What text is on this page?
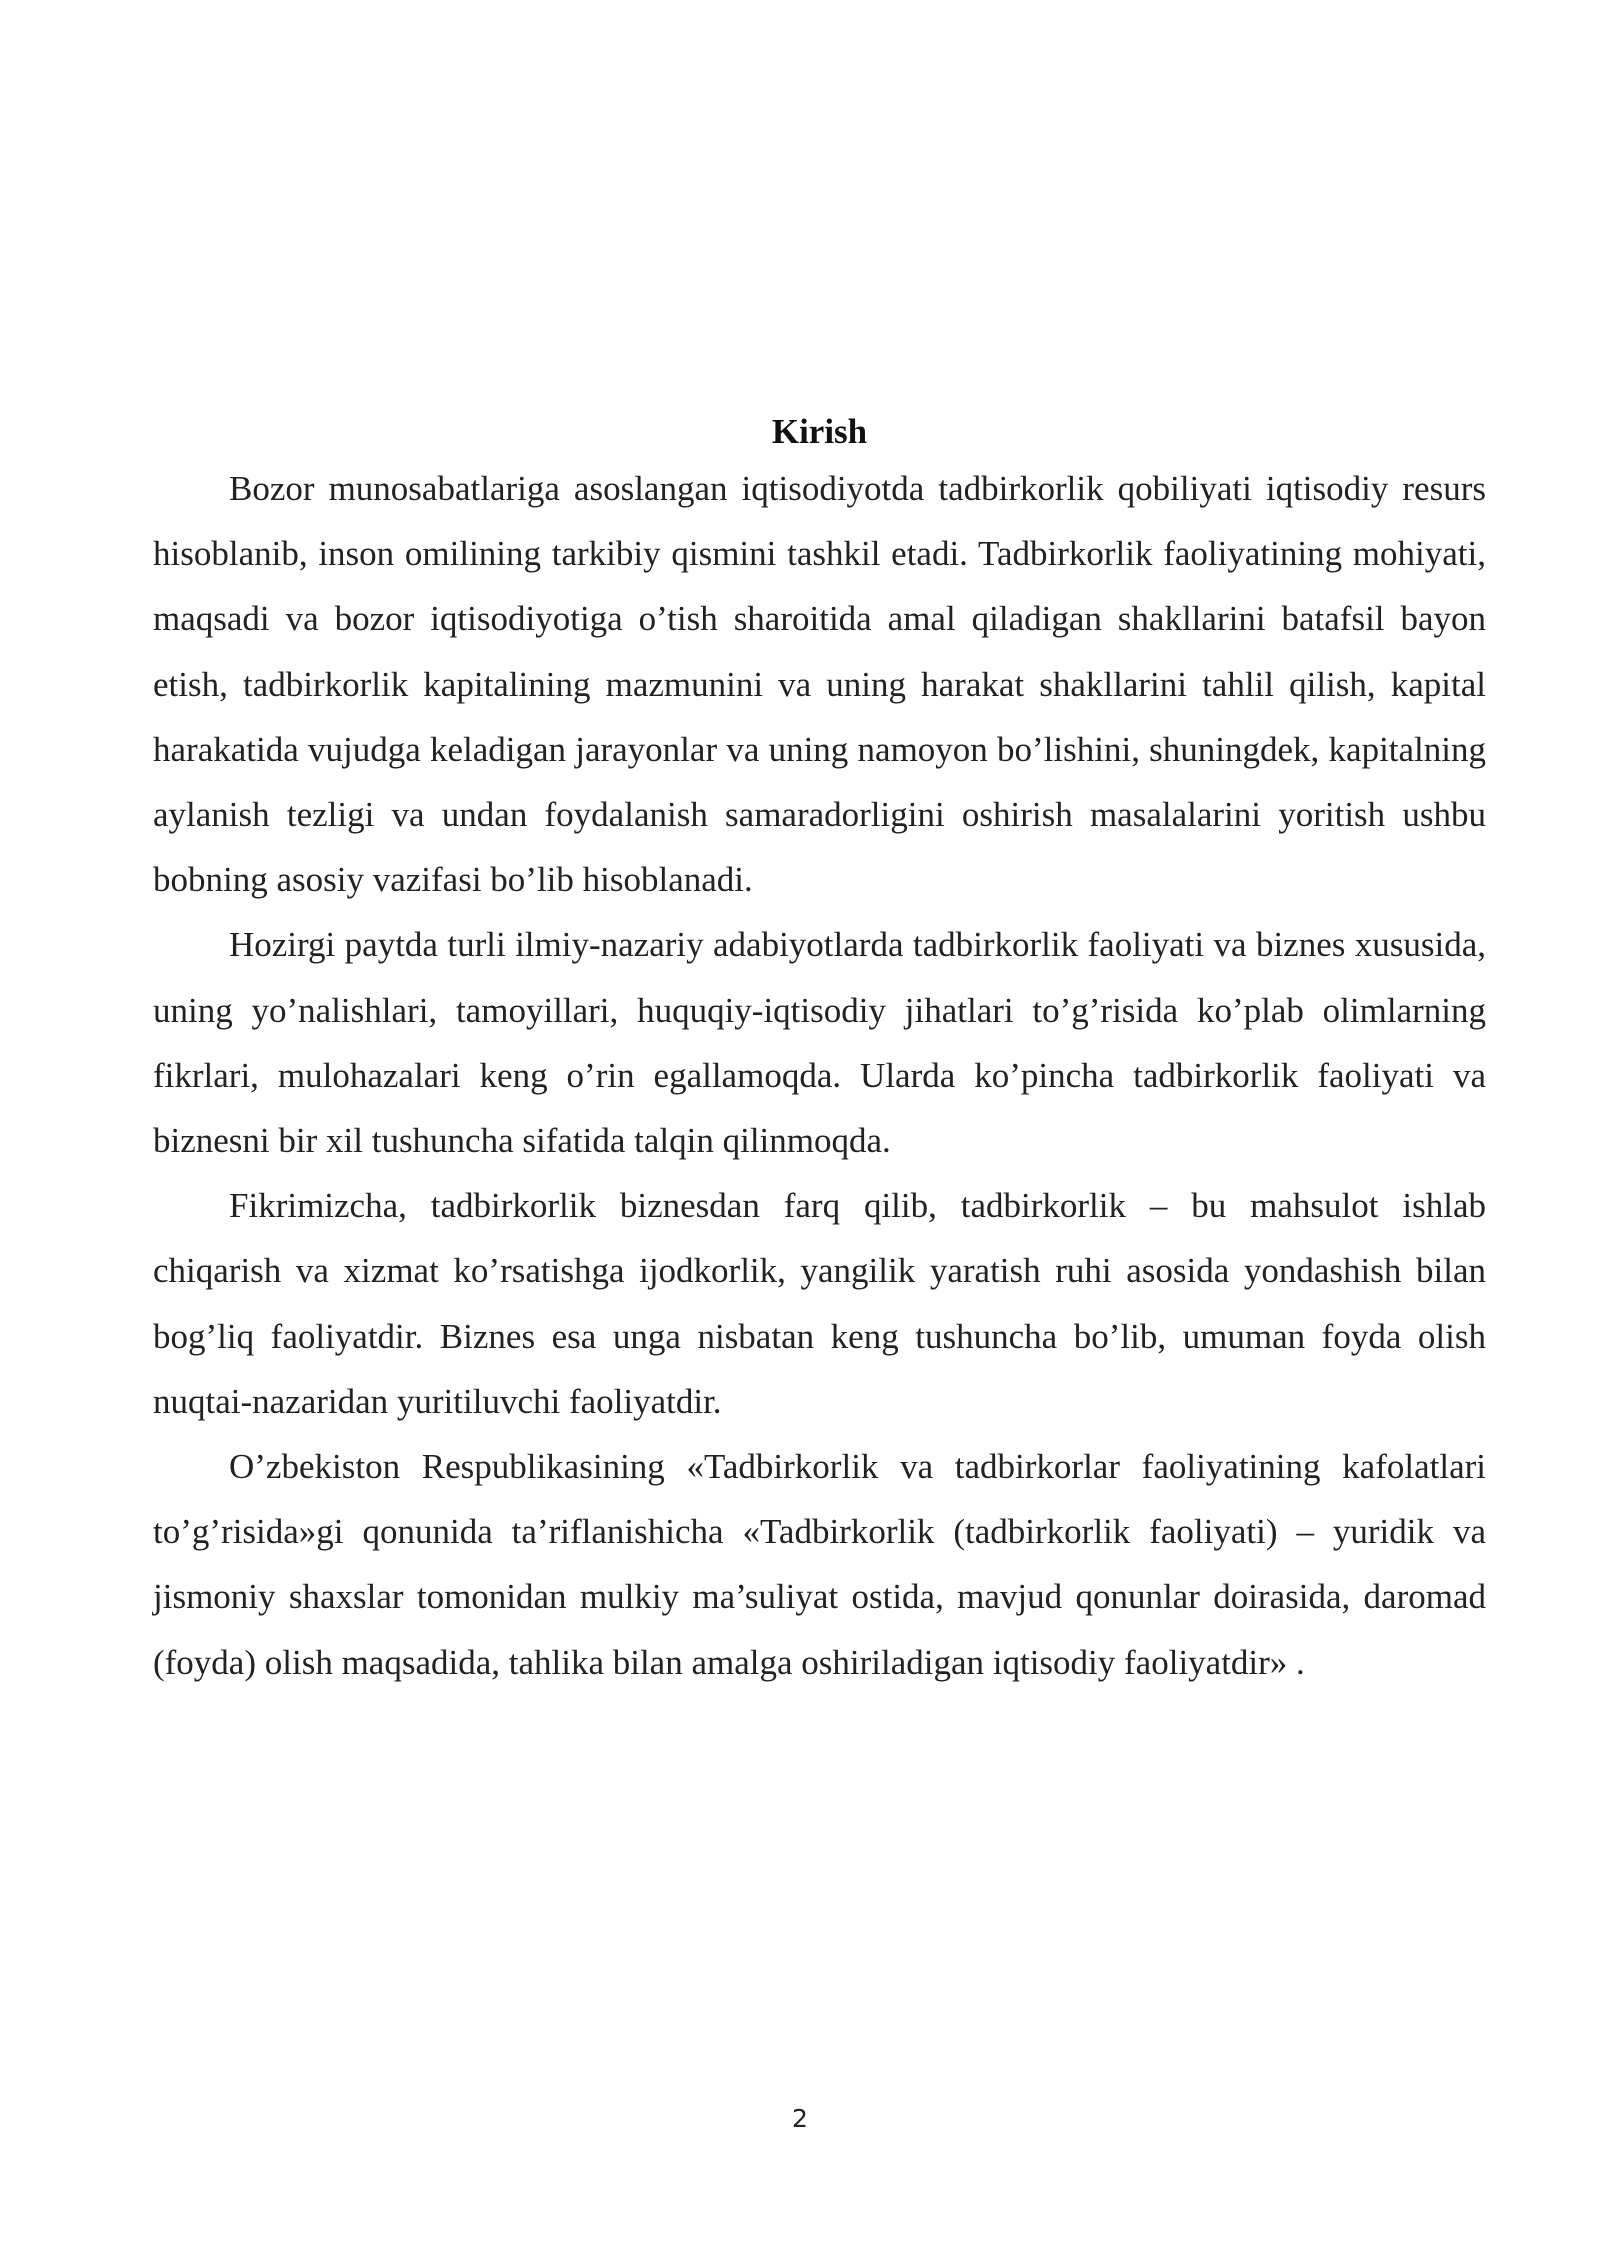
Kirish

Bozor munosabatlariga asoslangan iqtisodiyotda tadbirkorlik qobiliyati iqtisodiy resurs hisoblanib, inson omilining tarkibiy qismini tashkil etadi. Tadbirkorlik faoliyatining mohiyati, maqsadi va bozor iqtisodiyotiga o’tish sharoitida amal qiladigan shakllarini batafsil bayon etish, tadbirkorlik kapitalining mazmunini va uning harakat shakllarini tahlil qilish, kapital harakatida vujudga keladigan jarayonlar va uning namoyon bo’lishini, shuningdek, kapitalning aylanish tezligi va undan foydalanish samaradorligini oshirish masalalarini yoritish ushbu bobning asosiy vazifasi bo’lib hisoblanadi.

Hozirgi paytda turli ilmiy-nazariy adabiyotlarda tadbirkorlik faoliyati va biznes xususida, uning yo’nalishlari, tamoyillari, huquqiy-iqtisodiy jihatlari to’g’risida ko’plab olimlarning fikrlari, mulohazalari keng o’rin egallamoqda. Ularda ko’pincha tadbirkorlik faoliyati va biznesni bir xil tushuncha sifatida talqin qilinmoqda.

Fikrimizcha, tadbirkorlik biznesdan farq qilib, tadbirkorlik – bu mahsulot ishlab chiqarish va xizmat ko’rsatishga ijodkorlik, yangilik yaratish ruhi asosida yondashish bilan bog’liq faoliyatdir. Biznes esa unga nisbatan keng tushuncha bo’lib, umuman foyda olish nuqtai-nazaridan yuritiluvchi faoliyatdir.

O’zbekiston Respublikasining «Tadbirkorlik va tadbirkorlar faoliyatining kafolatlari to’g’risida»gi qonunida ta’riflanishicha «Tadbirkorlik (tadbirkorlik faoliyati) – yuridik va jismoniy shaxslar tomonidan mulkiy ma’suliyat ostida, mavjud qonunlar doirasida, daromad (foyda) olish maqsadida, tahlika bilan amalga oshiriladigan iqtisodiy faoliyatdir» .

2
